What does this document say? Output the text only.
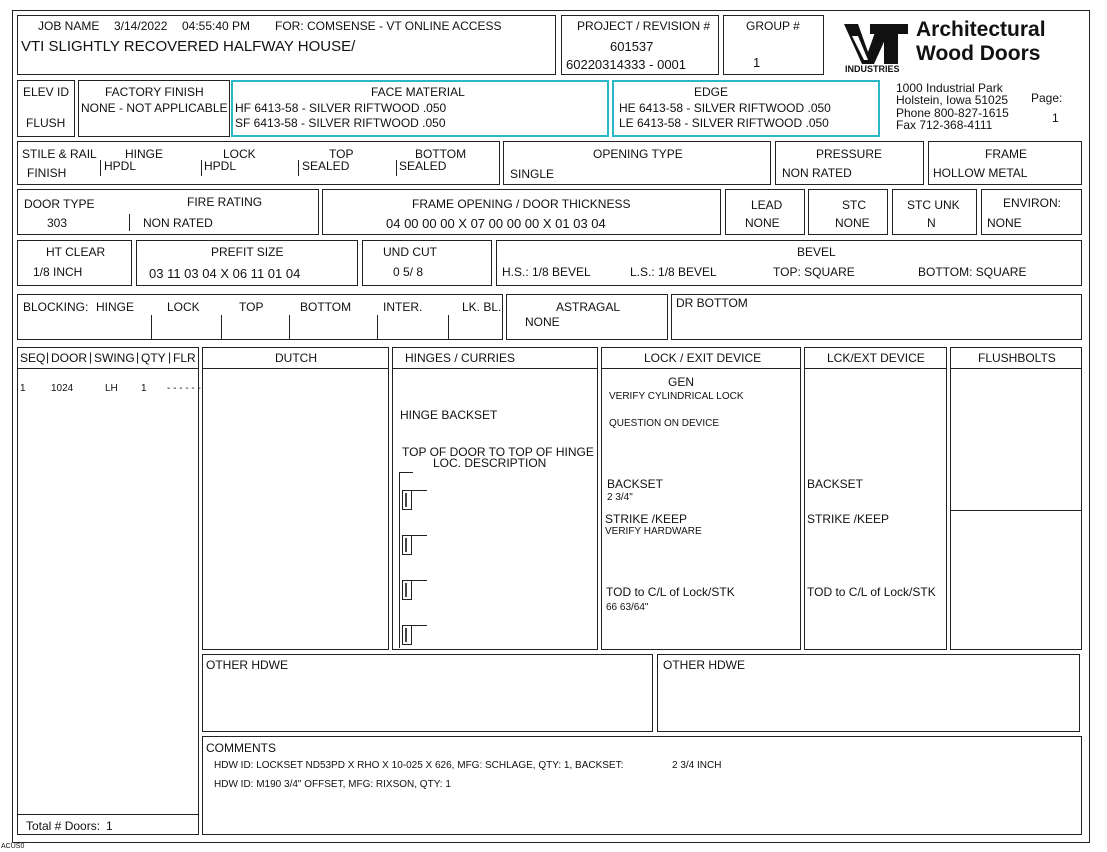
JOB NAME 3/14/2022 04:55:40 PM FOR: COMSENSE - VT ONLINE ACCESS
VTI SLIGHTLY RECOVERED HALFWAY HOUSE/
PROJECT / REVISION #
601537
60220314333 - 0001
GROUP #
1
Architectural
Wood Doors
INDUSTRIES
ELEV ID
FLUSH
FACTORY FINISH
NONE - NOT APPLICABLE
FACE MATERIAL
HF 6413-58 - SILVER RIFTWOOD .050
SF 6413-58 - SILVER RIFTWOOD .050
EDGE
HE 6413-58 - SILVER RIFTWOOD .050
LE 6413-58 - SILVER RIFTWOOD .050
1000 Industrial Park
Holstein, Iowa 51025
Phone 800-827-1615
Fax 712-368-4111
Page:
1
STILE & RAIL
FINISH
HINGE
HPDL
LOCK
HPDL
TOP
SEALED
BOTTOM
SEALED
OPENING TYPE
SINGLE
PRESSURE
NON RATED
FRAME
HOLLOW METAL
DOOR TYPE
303
FIRE RATING
NON RATED
FRAME OPENING / DOOR THICKNESS
04 00 00 00 X 07 00 00 00 X 01 03 04
LEAD
NONE
STC
NONE
STC UNK
N
ENVIRON:
NONE
HT CLEAR
1/8 INCH
PREFIT SIZE
03 11 03 04 X 06 11 01 04
UND CUT
0 5/ 8
BEVEL
H.S.: 1/8 BEVEL	L.S.: 1/8 BEVEL	TOP: SQUARE	BOTTOM: SQUARE
BLOCKING: HINGE	LOCK	TOP	BOTTOM	INTER.	LK. BL.	ASTRAGAL
NONE
DR BOTTOM
SEQ | DOOR | SWING | QTY | FLR
1	1024	LH 1 - - - - - -
Total # Doors: 1
DUTCH	HINGES / CURRIES
HINGE BACKSET
TOP OF DOOR TO TOP OF HINGE
LOC. DESCRIPTION
LOCK / EXIT DEVICE
GEN
VERIFY CYLINDRICAL LOCK
QUESTION ON DEVICE
BACKSET
2 3/4"
STRIKE /KEEP
VERIFY HARDWARE
TOD to C/L of Lock/STK
66 63/64"
LCK/EXT DEVICE
BACKSET
STRIKE /KEEP
TOD to C/L of Lock/STK
FLUSHBOLTS
OTHER HDWE	OTHER HDWE
COMMENTS
HDW ID: LOCKSET ND53PD X RHO X 10-025 X 626, MFG: SCHLAGE, QTY: 1, BACKSET:	2 3/4 INCH
HDW ID: M190 3/4" OFFSET, MFG: RIXSON, QTY: 1
ACUS0
